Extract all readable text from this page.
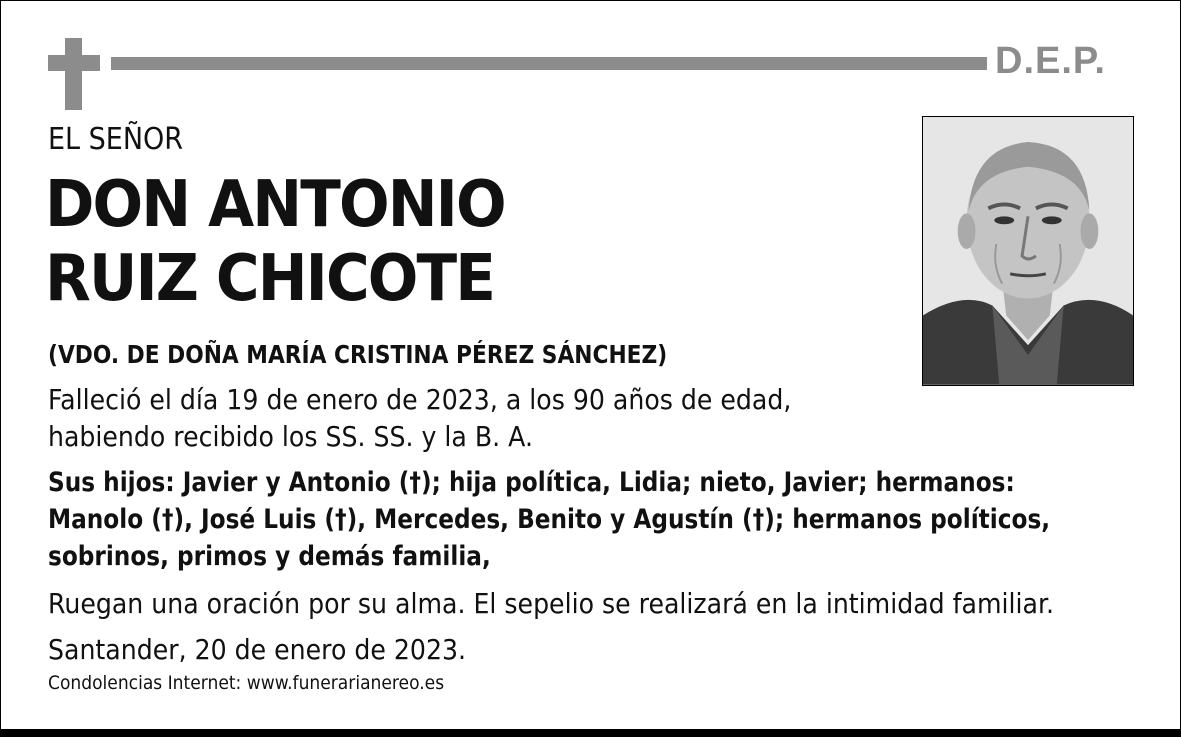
D.E.P.
EL SEÑOR
DON ANTONIO
RUIZ CHICOTE
(VDO. DE DOÑA MARÍA CRISTINA PÉREZ SÁNCHEZ)
Falleció el día 19 de enero de 2023, a los 90 años de edad,
habiendo recibido los SS. SS. y la B. A.
Sus hijos: Javier y Antonio (†); hija política, Lidia; nieto, Javier; hermanos:
Manolo (†), José Luis (†), Mercedes, Benito y Agustín (†); hermanos políticos,
sobrinos, primos y demás familia,
Ruegan una oración por su alma. El sepelio se realizará en la intimidad familiar.
Santander, 20 de enero de 2023.
Condolencias Internet: www.funerarianereo.es
